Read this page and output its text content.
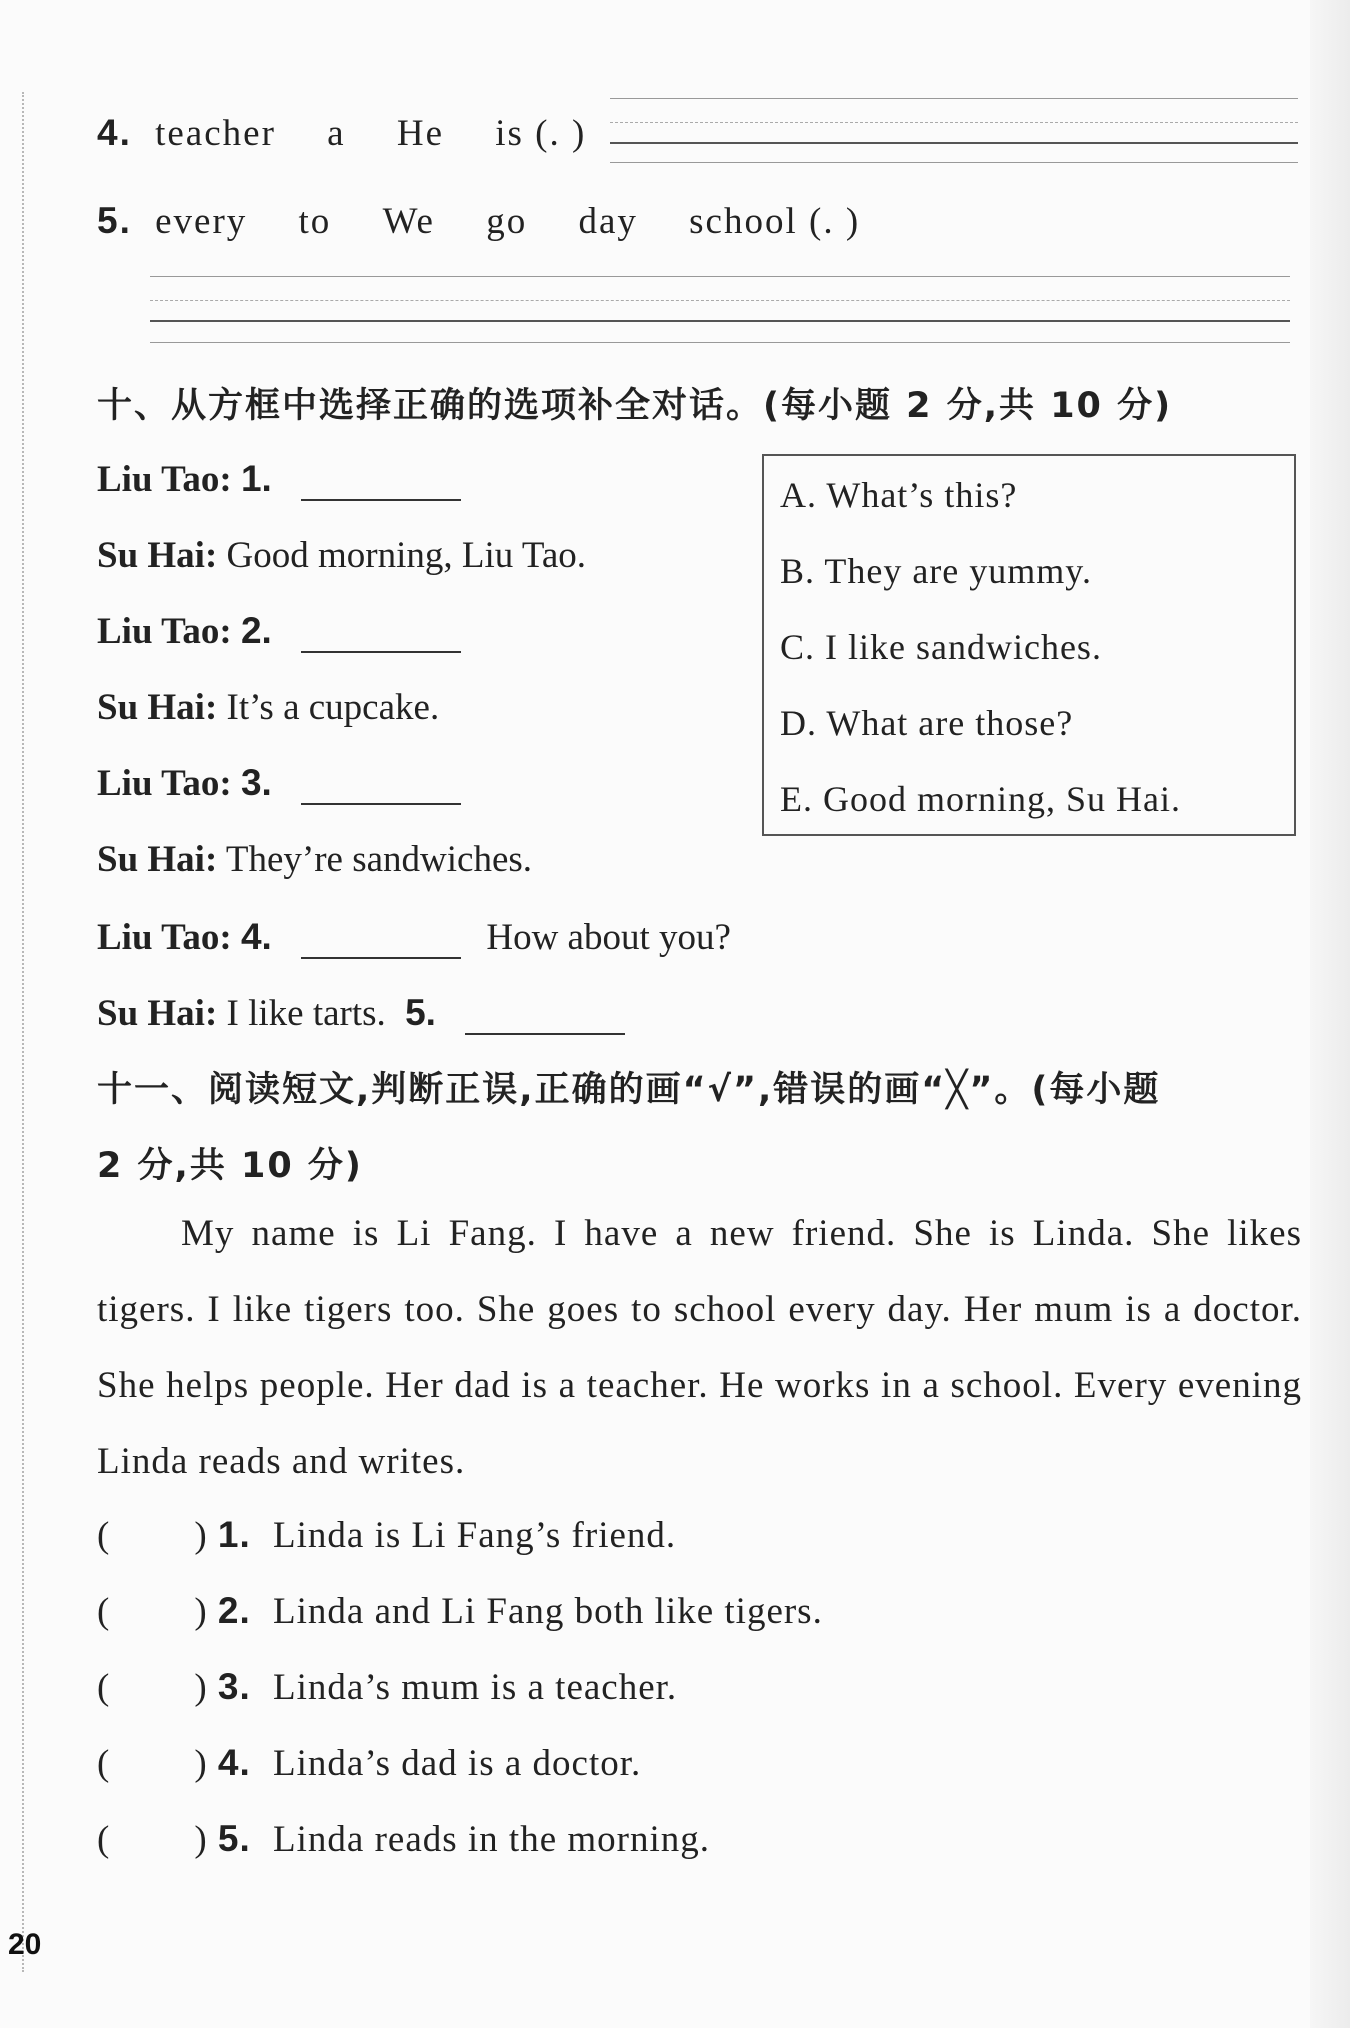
4. teacher a He is (. )
5. every to We go day school (. )
十、从方框中选择正确的选项补全对话。(每小题 2 分,共 10 分)
Liu Tao: 1.
Su Hai: Good morning, Liu Tao.
Liu Tao: 2.
Su Hai: It’s a cupcake.
Liu Tao: 3.
Su Hai: They’re sandwiches.
Liu Tao: 4.	How about you?
Su Hai: I like tarts. 5.
A. What’s this?
B. They are yummy.
C. I like sandwiches.
D. What are those?
E. Good morning, Su Hai.
十一、阅读短文,判断正误,正确的画“√”,错误的画“╳”。(每小题
2 分,共 10 分)

My name is Li Fang. I have a new friend. She is Linda. She likes tigers. I like tigers too. She goes to school every day. Her mum is a doctor. She helps people. Her dad is a teacher. He works in a school. Every evening Linda reads and writes.

( ) 1. Linda is Li Fang’s friend.
( ) 2. Linda and Li Fang both like tigers.
( ) 3. Linda’s mum is a teacher.
( ) 4. Linda’s dad is a doctor.
( ) 5. Linda reads in the morning.
20
